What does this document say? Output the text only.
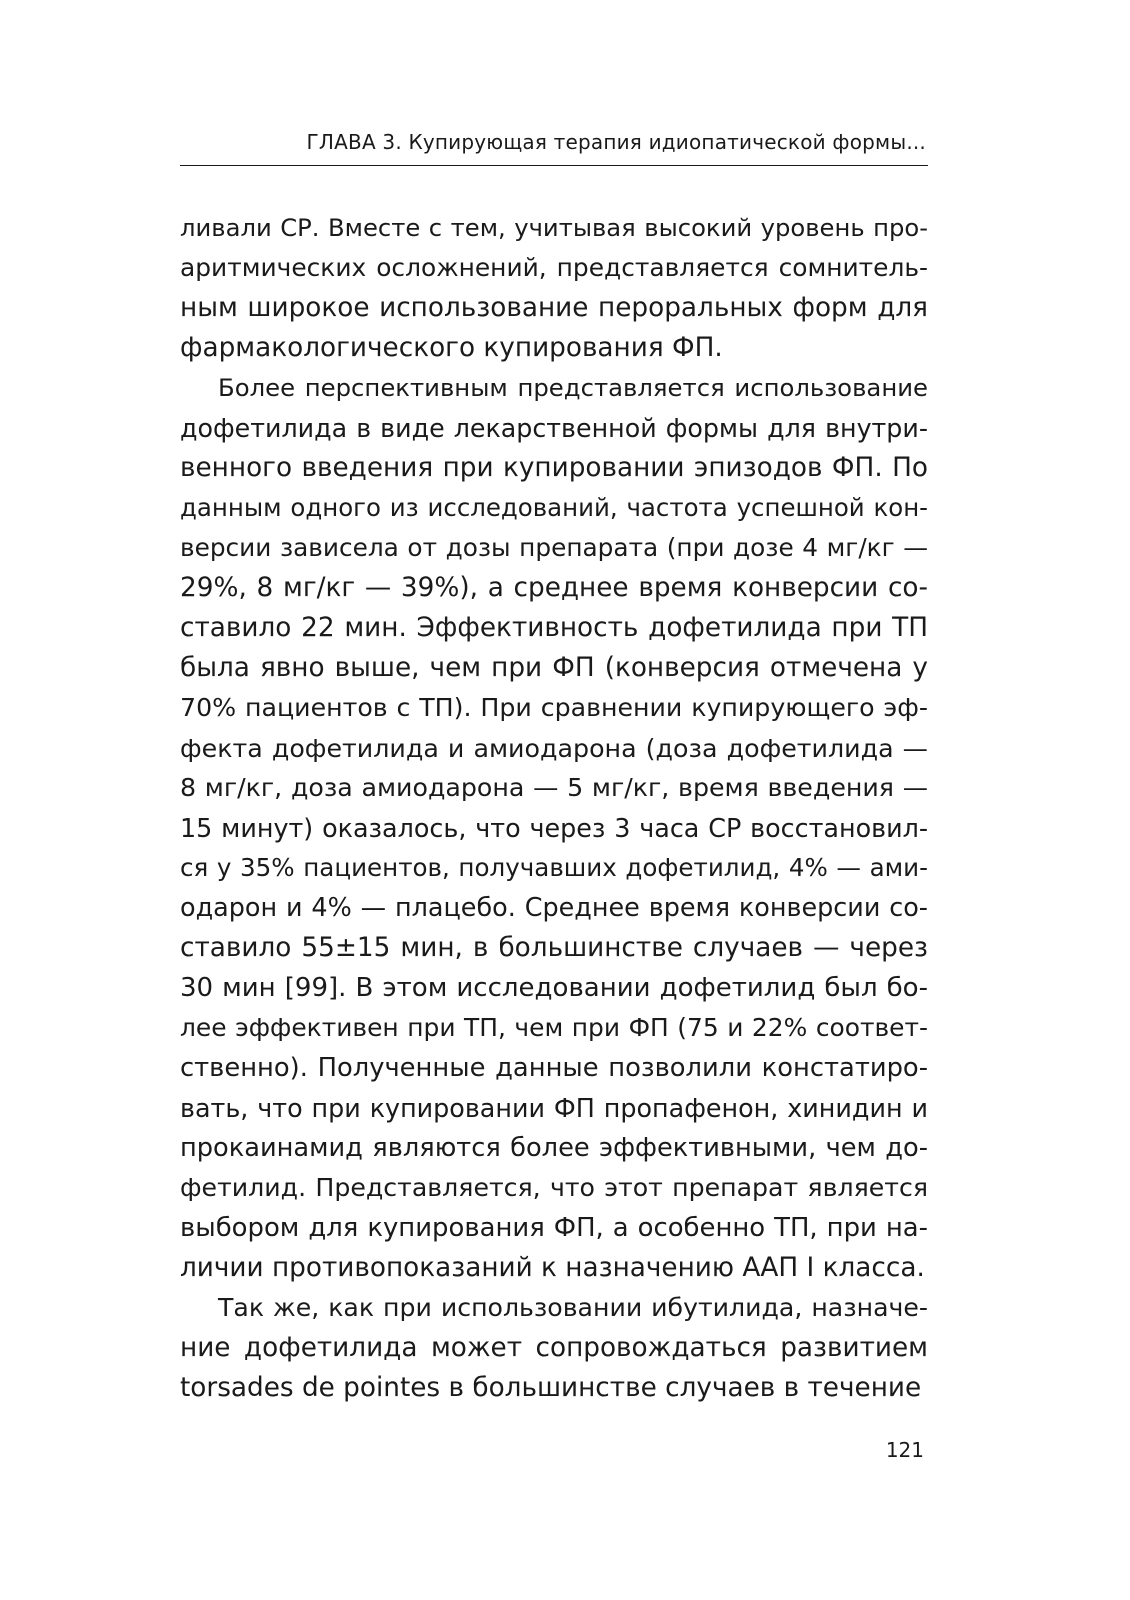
ГЛАВА 3. Купирующая терапия идиопатической формы...
ливали СР. Вместе с тем, учитывая высокий уровень про-
аритмических осложнений, представляется сомнитель-
ным широкое использование пероральных форм для
фармакологического купирования ФП.
Более перспективным представляется использование
дофетилида в виде лекарственной формы для внутри-
венного введения при купировании эпизодов ФП. По
данным одного из исследований, частота успешной кон-
версии зависела от дозы препарата (при дозе 4 мг/кг —
29%, 8 мг/кг — 39%), а среднее время конверсии со-
ставило 22 мин. Эффективность дофетилида при ТП
была явно выше, чем при ФП (конверсия отмечена у
70% пациентов с ТП). При сравнении купирующего эф-
фекта дофетилида и амиодарона (доза дофетилида —
8 мг/кг, доза амиодарона — 5 мг/кг, время введения —
15 минут) оказалось, что через 3 часа СР восстановил-
ся у 35% пациентов, получавших дофетилид, 4% — ами-
одарон и 4% — плацебо. Среднее время конверсии со-
ставило 55±15 мин, в большинстве случаев — через
30 мин [99]. В этом исследовании дофетилид был бо-
лее эффективен при ТП, чем при ФП (75 и 22% соответ-
ственно). Полученные данные позволили констатиро-
вать, что при купировании ФП пропафенон, хинидин и
прокаинамид являются более эффективными, чем до-
фетилид. Представляется, что этот препарат является
выбором для купирования ФП, а особенно ТП, при на-
личии противопоказаний к назначению ААП I класса.
Так же, как при использовании ибутилида, назначе-
ние дофетилида может сопровождаться развитием
torsades de pointes в большинстве случаев в течение
121
